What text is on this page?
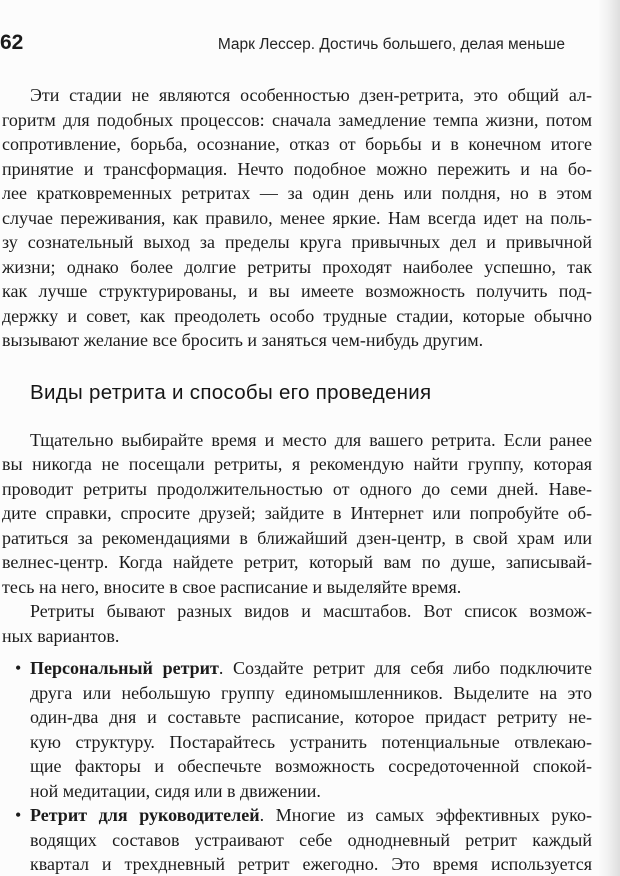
62	Марк Лессер. Достичь большего, делая меньше
Эти стадии не являются особенностью дзен-ретрита, это общий ал-
горитм для подобных процессов: сначала замедление темпа жизни, потом
сопротивление, борьба, осознание, отказ от борьбы и в конечном итоге
принятие и трансформация. Нечто подобное можно пережить и на бо-
лее кратковременных ретритах — за один день или полдня, но в этом
случае переживания, как правило, менее яркие. Нам всегда идет на поль-
зу сознательный выход за пределы круга привычных дел и привычной
жизни; однако более долгие ретриты проходят наиболее успешно, так
как лучше структурированы, и вы имеете возможность получить под-
держку и совет, как преодолеть особо трудные стадии, которые обычно
вызывают желание все бросить и заняться чем-нибудь другим.
Виды ретрита и способы его проведения
Тщательно выбирайте время и место для вашего ретрита. Если ранее
вы никогда не посещали ретриты, я рекомендую найти группу, которая
проводит ретриты продолжительностью от одного до семи дней. Наве-
дите справки, спросите друзей; зайдите в Интернет или попробуйте об-
ратиться за рекомендациями в ближайший дзен-центр, в свой храм или
велнес-центр. Когда найдете ретрит, который вам по душе, записывай-
тесь на него, вносите в свое расписание и выделяйте время.
Ретриты бывают разных видов и масштабов. Вот список возмож-
ных вариантов.
• Персональный ретрит. Создайте ретрит для себя либо подключите
друга или небольшую группу единомышленников. Выделите на это
один-два дня и составьте расписание, которое придаст ретриту не-
кую структуру. Постарайтесь устранить потенциальные отвлекаю-
щие факторы и обеспечьте возможность сосредоточенной спокой-
ной медитации, сидя или в движении.
• Ретрит для руководителей. Многие из самых эффективных руко-
водящих составов устраивают себе однодневный ретрит каждый
квартал и трехдневный ретрит ежегодно. Это время используется
